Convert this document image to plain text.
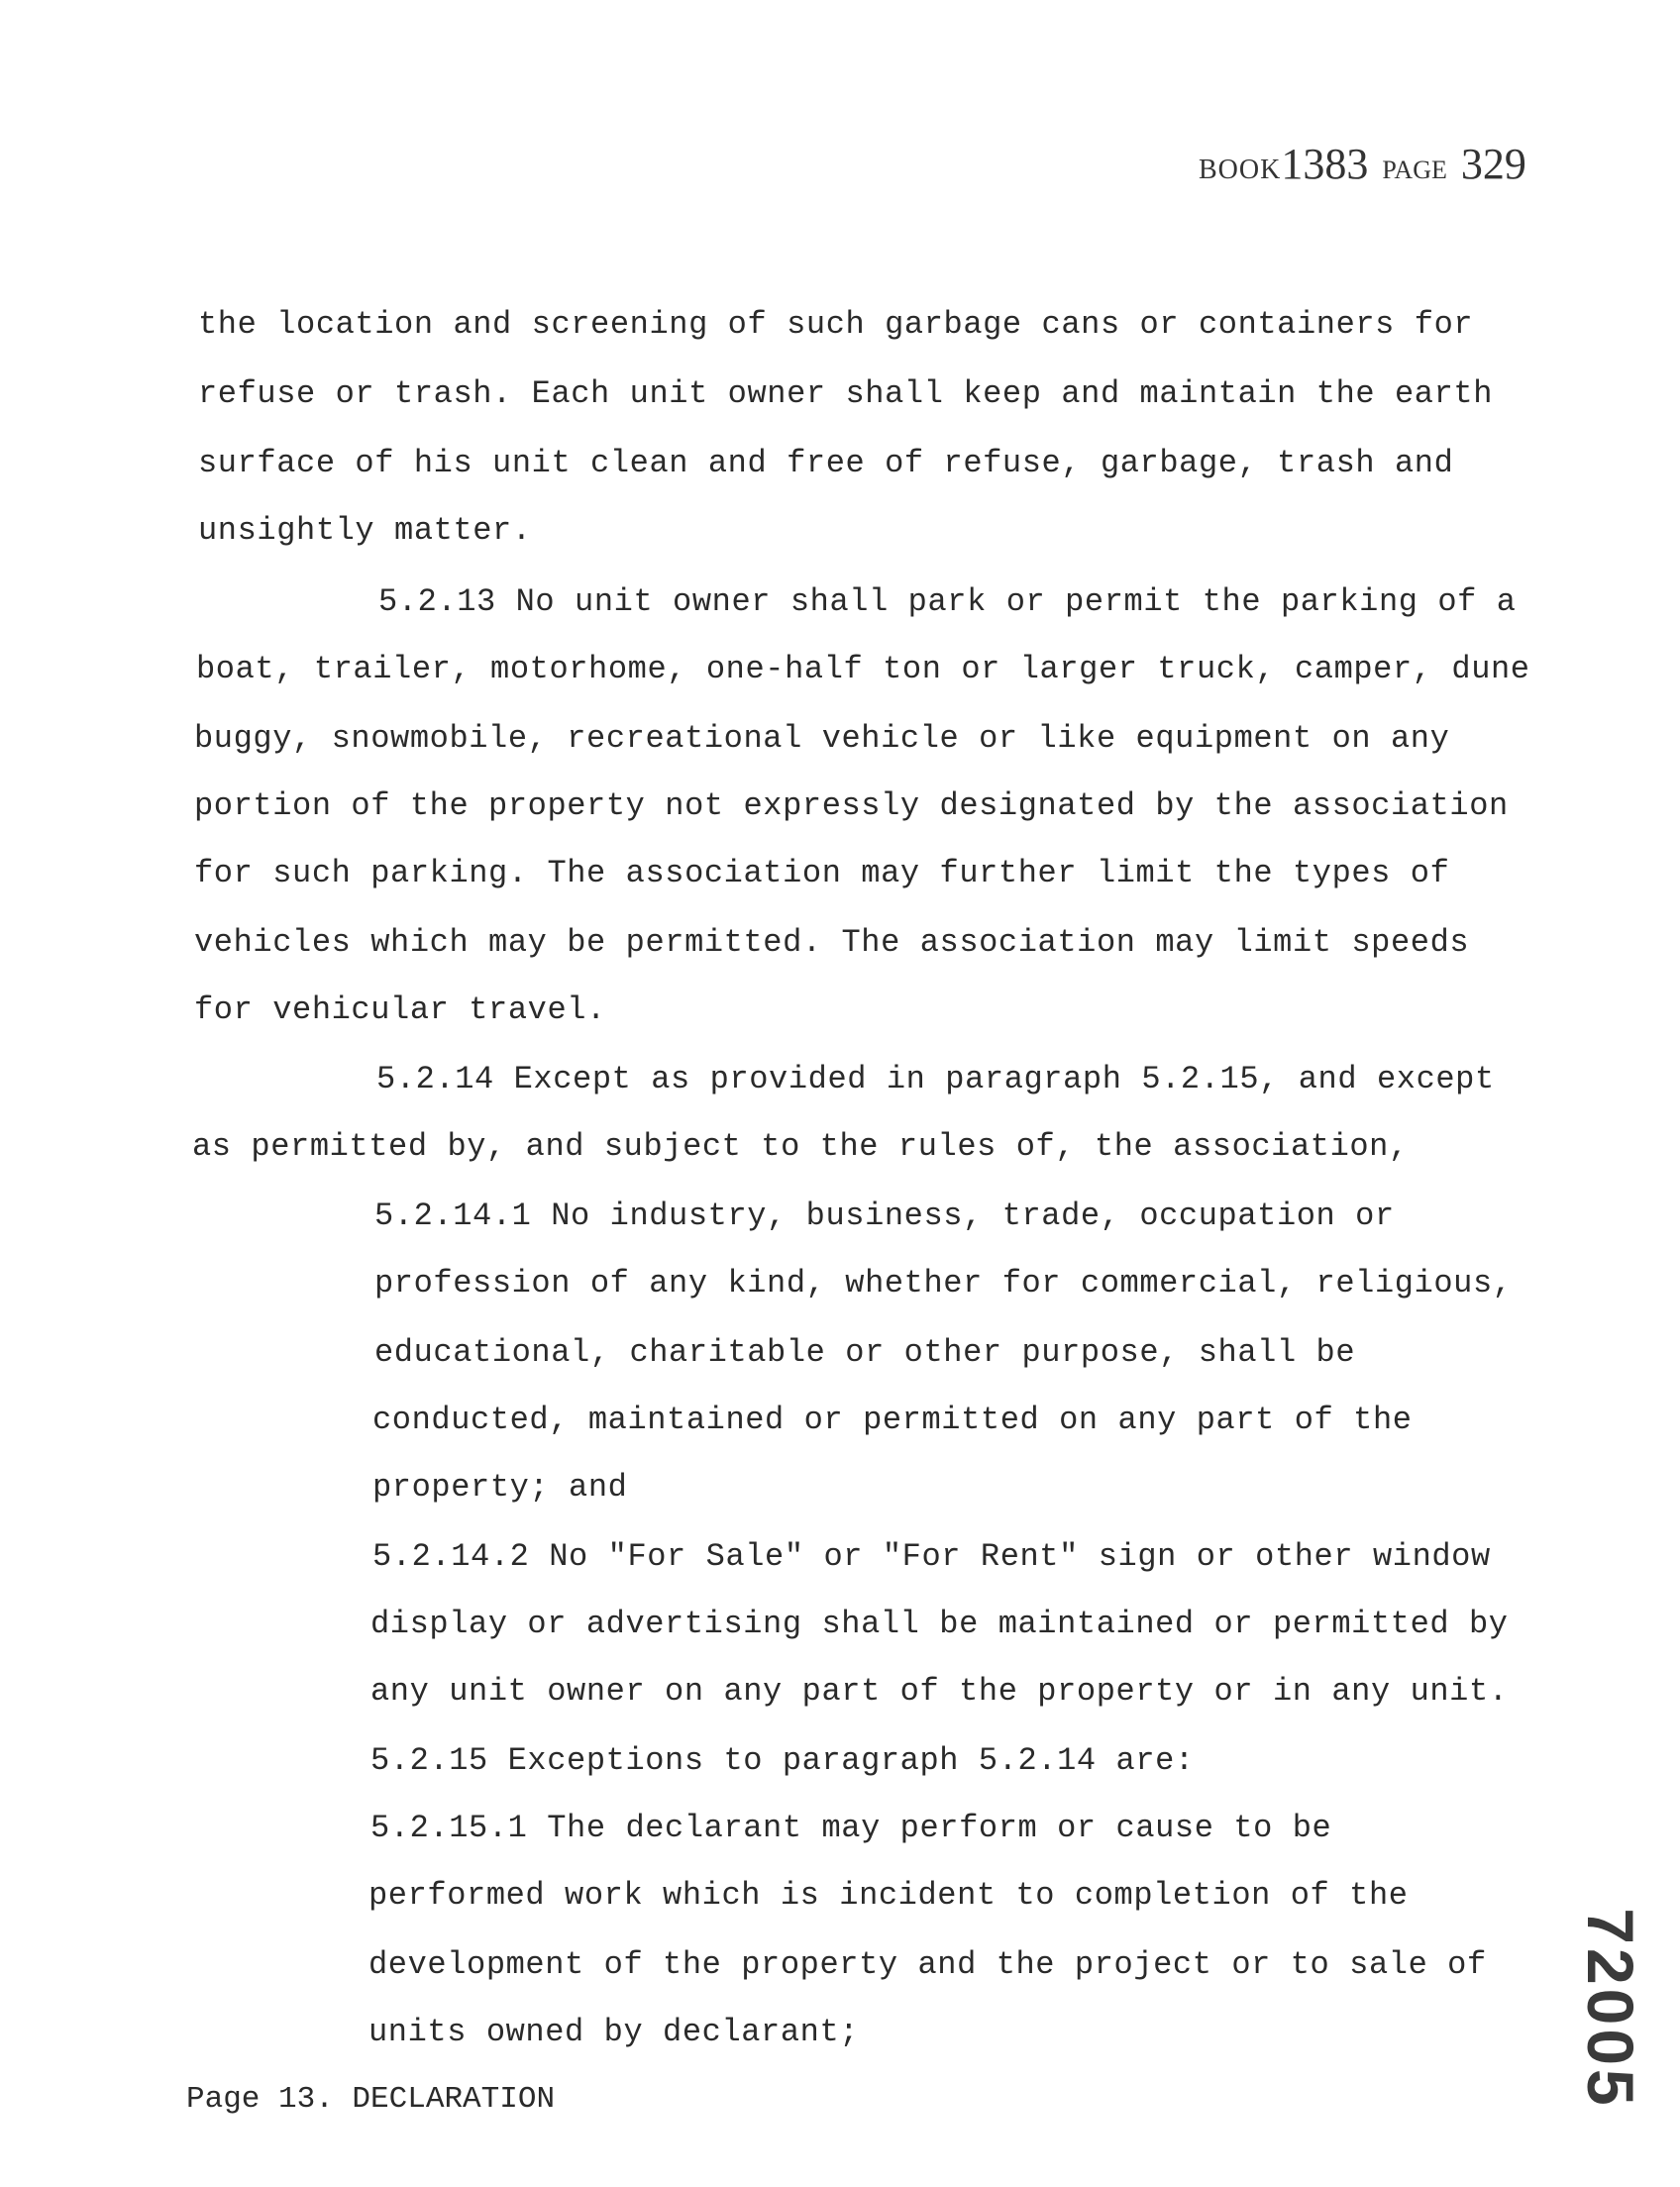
BOOK1383 PAGE 329
the location and screening of such garbage cans or containers for
refuse or trash. Each unit owner shall keep and maintain the earth
surface of his unit clean and free of refuse, garbage, trash and
unsightly matter.
5.2.13 No unit owner shall park or permit the parking of a
boat, trailer, motorhome, one-half ton or larger truck, camper, dune
buggy, snowmobile, recreational vehicle or like equipment on any
portion of the property not expressly designated by the association
for such parking. The association may further limit the types of
vehicles which may be permitted. The association may limit speeds
for vehicular travel.
5.2.14 Except as provided in paragraph 5.2.15, and except
as permitted by, and subject to the rules of, the association,
5.2.14.1 No industry, business, trade, occupation or
profession of any kind, whether for commercial, religious,
educational, charitable or other purpose, shall be
conducted, maintained or permitted on any part of the
property; and
5.2.14.2 No "For Sale" or "For Rent" sign or other window
display or advertising shall be maintained or permitted by
any unit owner on any part of the property or in any unit.
5.2.15 Exceptions to paragraph 5.2.14 are:
5.2.15.1 The declarant may perform or cause to be
performed work which is incident to completion of the
development of the property and the project or to sale of
units owned by declarant;
Page 13. DECLARATION	72005
